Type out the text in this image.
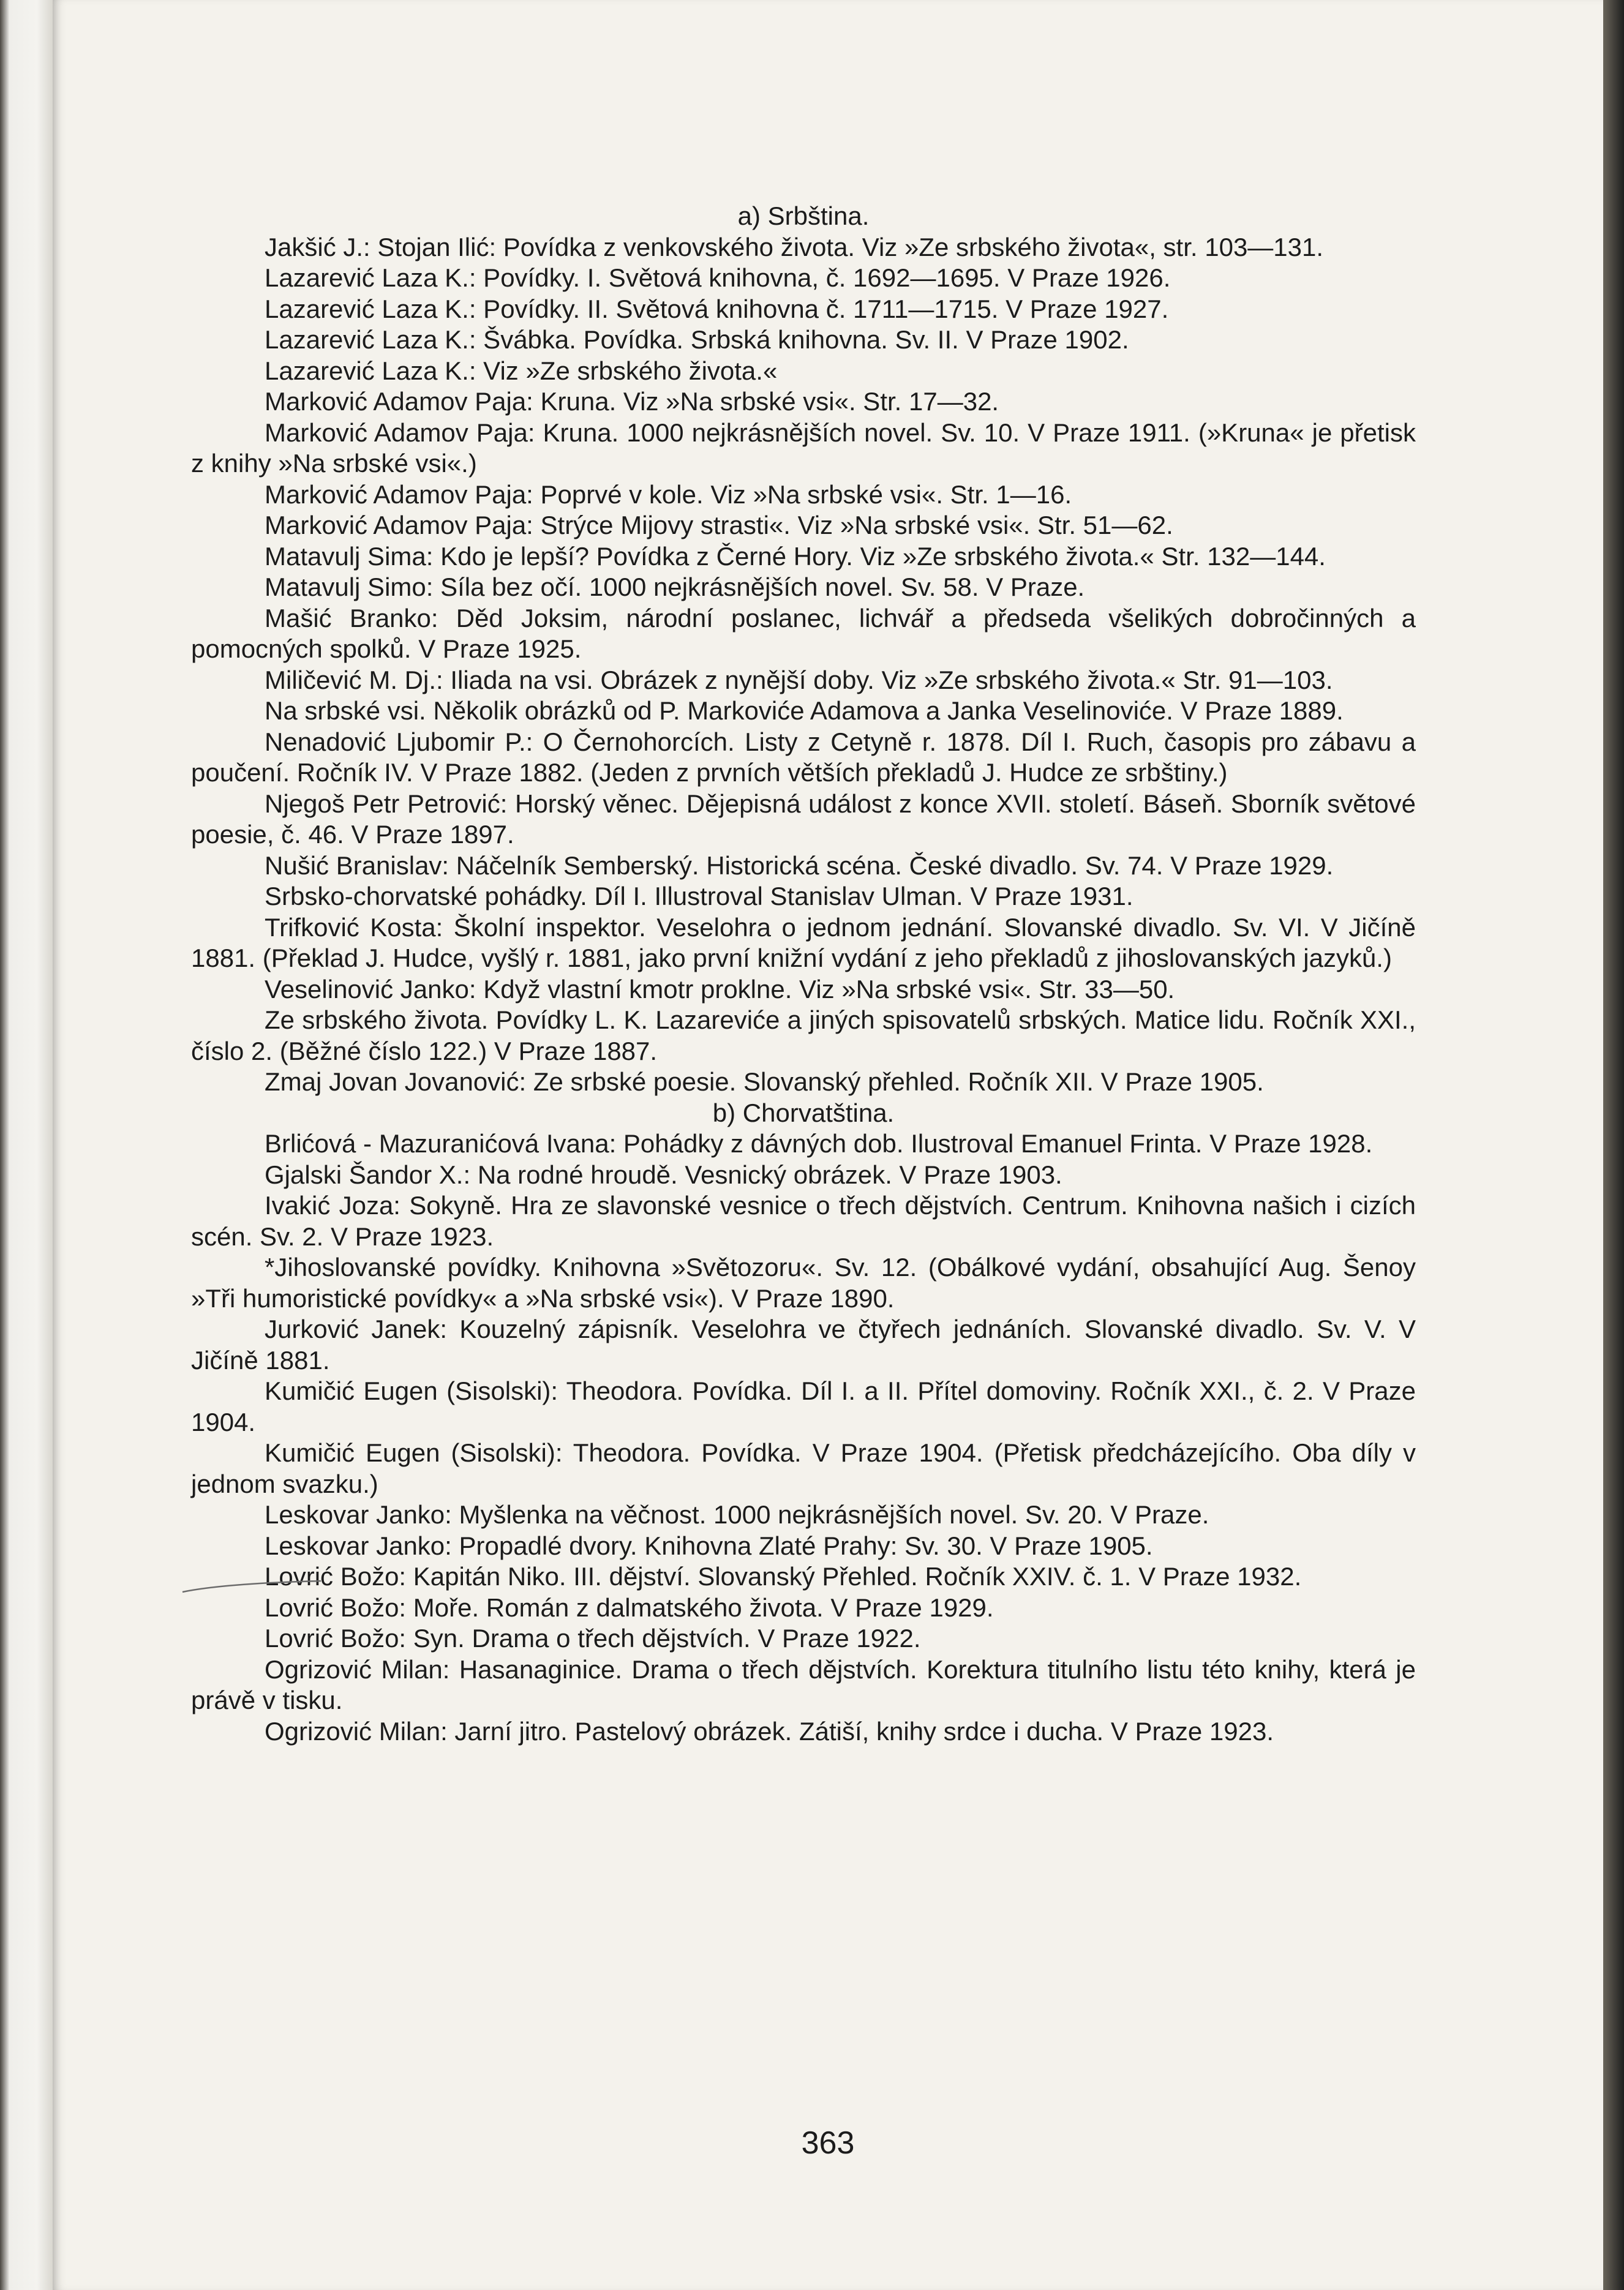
a) Srbština.

Jakšić J.: Stojan Ilić: Povídka z venkovského života. Viz »Ze srbského života«, str. 103—131.

Lazarević Laza K.: Povídky. I. Světová knihovna, č. 1692—1695. V Praze 1926.

Lazarević Laza K.: Povídky. II. Světová knihovna č. 1711—1715. V Praze 1927.

Lazarević Laza K.: Švábka. Povídka. Srbská knihovna. Sv. II. V Praze 1902.

Lazarević Laza K.: Viz »Ze srbského života.«

Marković Adamov Paja: Kruna. Viz »Na srbské vsi«. Str. 17—32.

Marković Adamov Paja: Kruna. 1000 nejkrásnějších novel. Sv. 10. V Praze 1911. (»Kruna« je přetisk z knihy »Na srbské vsi«.)

Marković Adamov Paja: Poprvé v kole. Viz »Na srbské vsi«. Str. 1—16.

Marković Adamov Paja: Strýce Mijovy strasti«. Viz »Na srbské vsi«. Str. 51—62.

Matavulj Sima: Kdo je lepší? Povídka z Černé Hory. Viz »Ze srbského života.« Str. 132—144.

Matavulj Simo: Síla bez očí. 1000 nejkrásnějších novel. Sv. 58. V Praze.

Mašić Branko: Děd Joksim, národní poslanec, lichvář a předseda všelikých dobročinných a pomocných spolků. V Praze 1925.

Miličević M. Dj.: Iliada na vsi. Obrázek z nynější doby. Viz »Ze srbského života.« Str. 91—103.

Na srbské vsi. Několik obrázků od P. Markoviće Adamova a Janka Veselinoviće. V Praze 1889.

Nenadović Ljubomir P.: O Černohorcích. Listy z Cetyně r. 1878. Díl I. Ruch, časopis pro zábavu a poučení. Ročník IV. V Praze 1882. (Jeden z prvních větších překladů J. Hudce ze srbštiny.)

Njegoš Petr Petrović: Horský věnec. Dějepisná událost z konce XVII. století. Báseň. Sborník světové poesie, č. 46. V Praze 1897.

Nušić Branislav: Náčelník Semberský. Historická scéna. České divadlo. Sv. 74. V Praze 1929.

Srbsko-chorvatské pohádky. Díl I. Illustroval Stanislav Ulman. V Praze 1931.

Trifković Kosta: Školní inspektor. Veselohra o jednom jednání. Slovanské divadlo. Sv. VI. V Jičíně 1881. (Překlad J. Hudce, vyšlý r. 1881, jako první knižní vydání z jeho překladů z jihoslovanských jazyků.)

Veselinović Janko: Když vlastní kmotr proklne. Viz »Na srbské vsi«. Str. 33—50.

Ze srbského života. Povídky L. K. Lazareviće a jiných spisovatelů srbských. Matice lidu. Ročník XXI., číslo 2. (Běžné číslo 122.) V Praze 1887.

Zmaj Jovan Jovanović: Ze srbské poesie. Slovanský přehled. Ročník XII. V Praze 1905.

b) Chorvatština.

Brlićová - Mazuranićová Ivana: Pohádky z dávných dob. Ilustroval Emanuel Frinta. V Praze 1928.

Gjalski Šandor X.: Na rodné hroudě. Vesnický obrázek. V Praze 1903.

Ivakić Joza: Sokyně. Hra ze slavonské vesnice o třech dějstvích. Centrum. Knihovna našich i cizích scén. Sv. 2. V Praze 1923.

*Jihoslovanské povídky. Knihovna »Světozoru«. Sv. 12. (Obálkové vydání, obsahující Aug. Šenoy »Tři humoristické povídky« a »Na srbské vsi«). V Praze 1890.

Jurković Janek: Kouzelný zápisník. Veselohra ve čtyřech jednáních. Slovanské divadlo. Sv. V. V Jičíně 1881.

Kumičić Eugen (Sisolski): Theodora. Povídka. Díl I. a II. Přítel domoviny. Ročník XXI., č. 2. V Praze 1904.

Kumičić Eugen (Sisolski): Theodora. Povídka. V Praze 1904. (Přetisk předcházejícího. Oba díly v jednom svazku.)

Leskovar Janko: Myšlenka na věčnost. 1000 nejkrásnějších novel. Sv. 20. V Praze.

Leskovar Janko: Propadlé dvory. Knihovna Zlaté Prahy: Sv. 30. V Praze 1905.

Lovrić Božo: Kapitán Niko. III. dějství. Slovanský Přehled. Ročník XXIV. č. 1. V Praze 1932.

Lovrić Božo: Moře. Román z dalmatského života. V Praze 1929.

Lovrić Božo: Syn. Drama o třech dějstvích. V Praze 1922.

Ogrizović Milan: Hasanaginice. Drama o třech dějstvích. Korektura titulního listu této knihy, která je právě v tisku.

Ogrizović Milan: Jarní jitro. Pastelový obrázek. Zátiší, knihy srdce i ducha. V Praze 1923.

363
